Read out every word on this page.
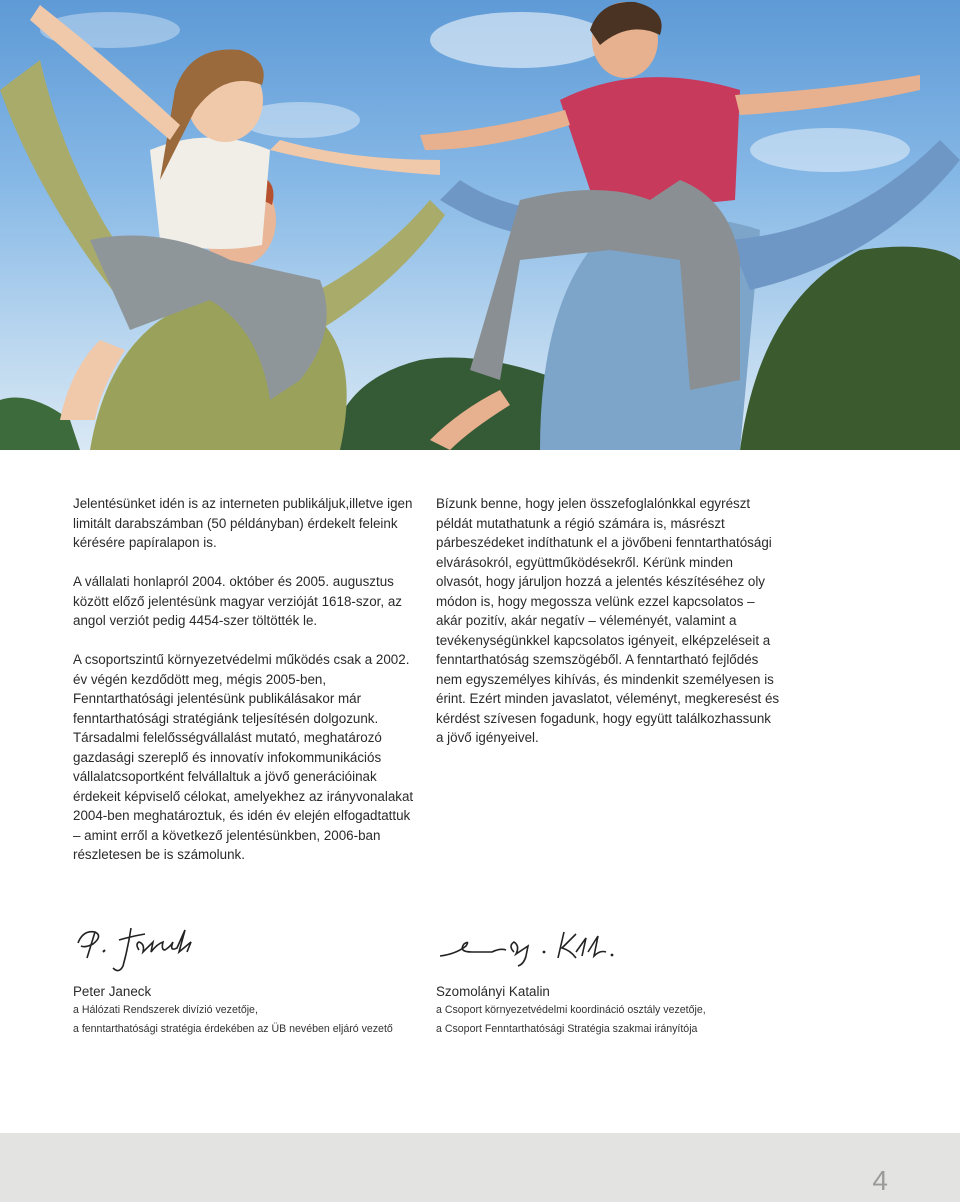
Jelentésünket idén is az interneten publikáljuk,illetve igen limitált darabszámban (50 példányban) érdekelt feleink kérésére papíralapon is.

A vállalati honlapról 2004. október és 2005. augusztus között előző jelentésünk magyar verzióját 1618-szor, az angol verziót pedig 4454-szer töltötték le.

A csoportszintű környezetvédelmi működés csak a 2002. év végén kezdődött meg, mégis 2005-ben, Fenntarthatósági jelentésünk publikálásakor már fenntarthatósági stratégiánk teljesítésén dolgozunk. Társadalmi felelősségvállalást mutató, meghatározó gazdasági szereplő és innovatív infokommunikációs vállalatcsoportként felvállaltuk a jövő generációinak érdekeit képviselő célokat, amelyekhez az irányvonalakat 2004-ben meghatároztuk, és idén év elején elfogadtattuk – amint erről a következő jelentésünkben, 2006-ban részletesen be is számolunk.

Bízunk benne, hogy jelen összefoglalónkkal egyrészt példát mutathatunk a régió számára is, másrészt párbeszédeket indíthatunk el a jövőbeni fenntarthatósági elvárásokról, együttműködésekről. Kérünk minden olvasót, hogy járuljon hozzá a jelentés készítéséhez oly módon is, hogy megossza velünk ezzel kapcsolatos – akár pozitív, akár negatív – véleményét, valamint a tevékenységünkkel kapcsolatos igényeit, elképzeléseit a fenntarthatóság szemszögéből. A fenntartható fejlődés nem egyszemélyes kihívás, és mindenkit személyesen is érint. Ezért minden javaslatot, véleményt, megkeresést és kérdést szívesen fogadunk, hogy együtt találkozhassunk a jövő igényeivel.

Peter Janeck
a Hálózati Rendszerek divízió vezetője,
a fenntarthatósági stratégia érdekében az ÜB nevében eljáró vezető
Szomolányi Katalin
a Csoport környezetvédelmi koordináció osztály vezetője,
a Csoport Fenntarthatósági Stratégia szakmai irányítója
4
